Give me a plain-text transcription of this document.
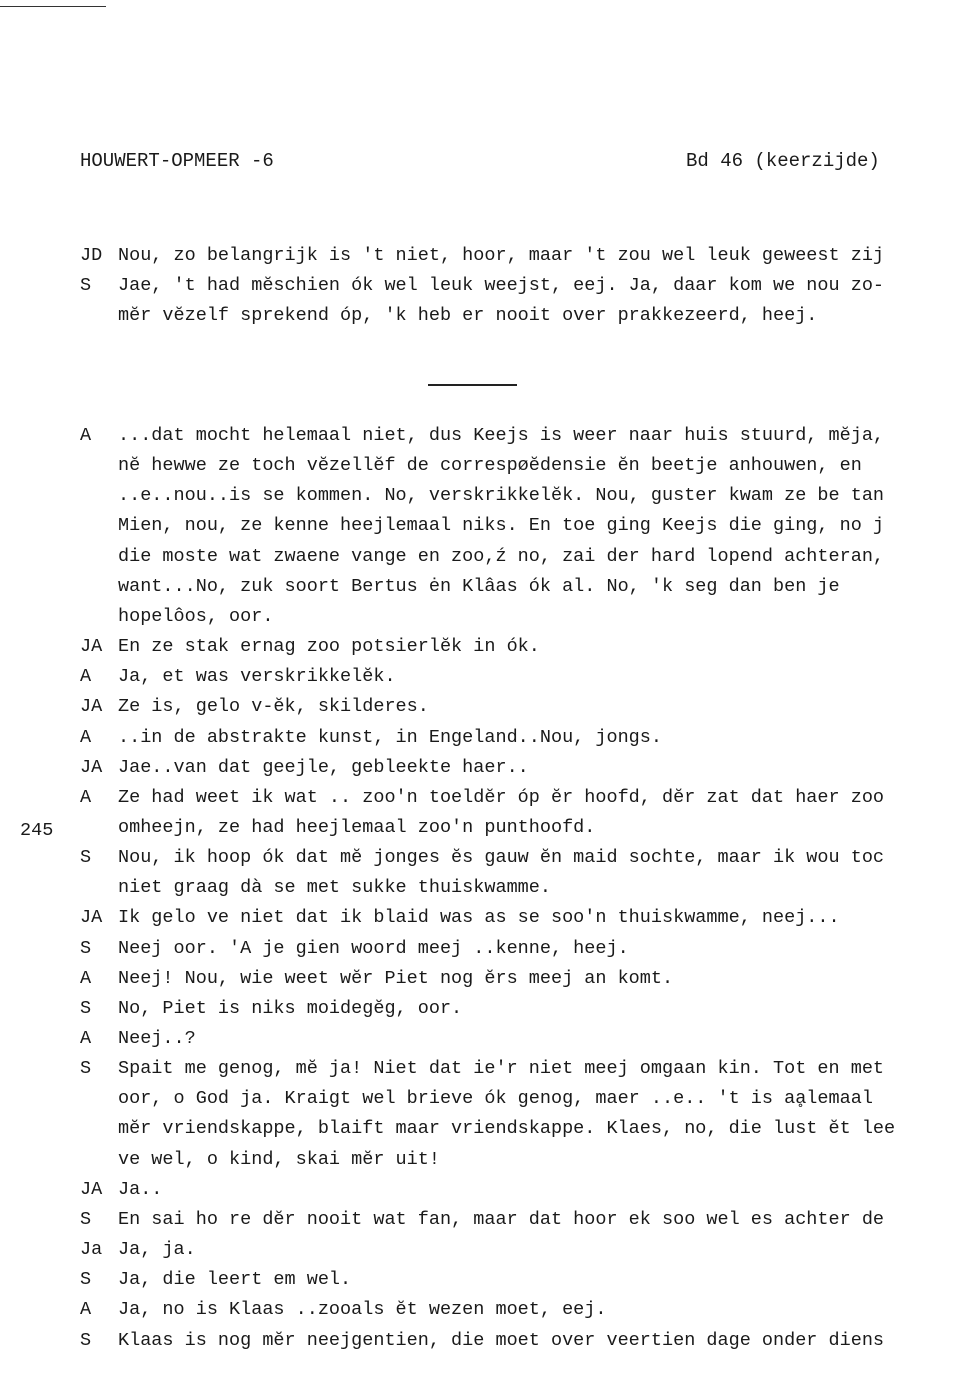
HOUWERT-OPMEER -6	Bd 46 (keerzijde)
245
JD Nou, zo belangrijk is 't niet, hoor, maar 't zou wel leuk geweest zij
S	Jae, 't had mĕschien ók wel leuk weejst, eej. Ja, daar kom we nou zo-
mĕr vĕzelf sprekend óp, 'k heb er nooit over prakkezeerd, heej.
A	...dat mocht helemaal niet, dus Keejs is weer naar huis stuurd, mĕja,
nĕ hewwe ze toch vĕzellĕf de correspøĕdensie ĕn beetje anhouwen, en
..e..nou..is se kommen. No, verskrikkelĕk. Nou, guster kwam ze be tan
Mien, nou, ze kenne heejlemaal niks. En toe ging Keejs die ging, no j
die moste wat zwaene vange en zoo,ź no, zai der hard lopend achteran,
want...No, zuk soort Bertus ėn Klâas ók al. No, 'k seg dan ben je
hopelôos, oor.
JA En ze stak ernag zoo potsierlĕk in ók.
A	Ja, et was verskrikkelĕk.
JA Ze is, gelo v-ĕk, skilderes.
A	..in de abstrakte kunst, in Engeland..Nou, jongs.
JA Jae..van dat geejle, gebleekte haer..
A	Ze had weet ik wat .. zoo'n toeldĕr óp ĕr hoofd, dĕr zat dat haer zoo
omheejn, ze had heejlemaal zoo'n punthoofd.
S	Nou, ik hoop ók dat mĕ jonges ĕs gauw ĕn maid sochte, maar ik wou toc
niet graag dà se met sukke thuiskwamme.
JA Ik gelo ve niet dat ik blaid was as se soo'n thuiskwamme, neej...
S	Neej oor. 'A je gien woord meej ..kenne, heej.
A	Neej! Nou, wie weet wĕr Piet nog ĕrs meej an komt.
S	No, Piet is niks moidegĕg, oor.
A	Neej..?
S	Spait me genog, mĕ ja! Niet dat ie'r niet meej omgaan kin. Tot en met
oor, o God ja. Kraigt wel brieve ók genog, maer ..e.. 't is aḁlemaal
mĕr vriendskappe, blaift maar vriendskappe. Klaes, no, die lust ĕt lee
ve wel, o kind, skai mĕr uit!
JA Ja..
S	En sai ho re dĕr nooit wat fan, maar dat hoor ek soo wel es achter de
Ja Ja, ja.
S	Ja, die leert em wel.
A	Ja, no is Klaas ..zooals ĕt wezen moet, eej.
S	Klaas is nog mĕr neejgentien, die moet over veertien dage onder diens
